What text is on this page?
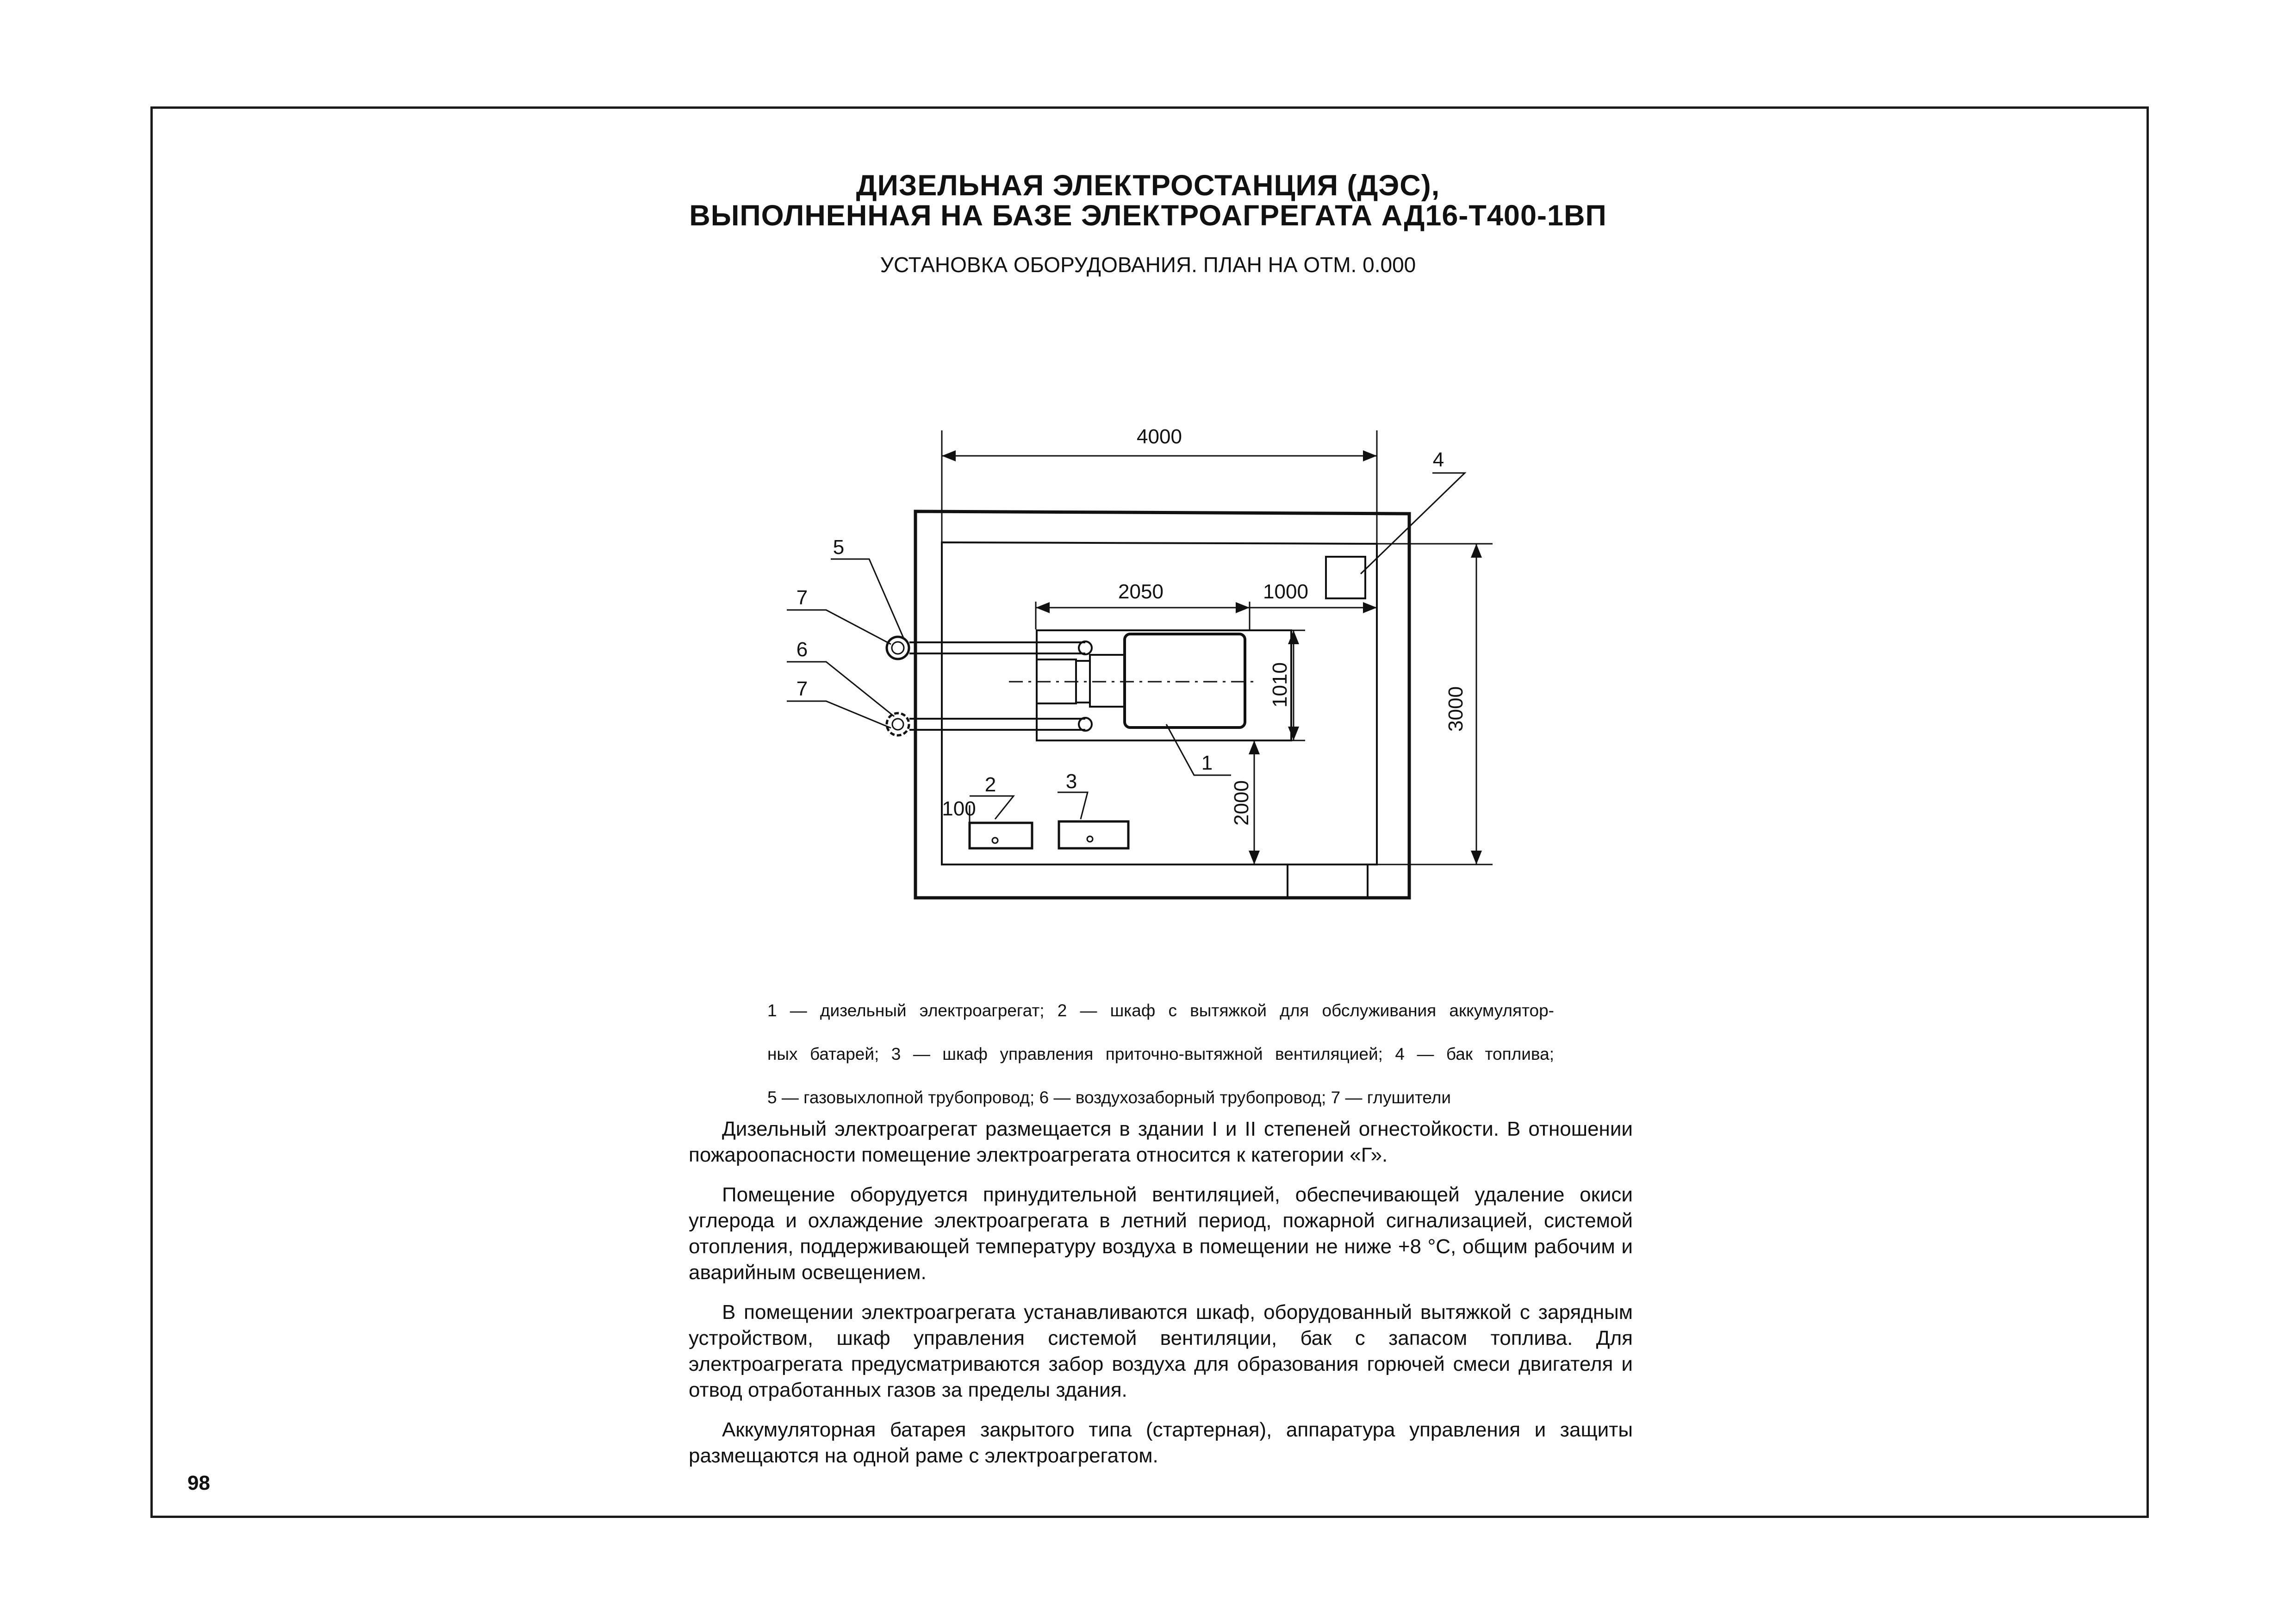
ДИЗЕЛЬНАЯ ЭЛЕКТРОСТАНЦИЯ (ДЭС),
ВЫПОЛНЕННАЯ НА БАЗЕ ЭЛЕКТРОАГРЕГАТА АД16-Т400-1ВП
УСТАНОВКА ОБОРУДОВАНИЯ. ПЛАН НА ОТМ. 0.000
4000
2050	1000
1010
3000
2000
100
1
2	3
4
5
7
6
7
1 — дизельный электроагрегат; 2 — шкаф с вытяжкой для обслуживания аккумулятор-
ных батарей; 3 — шкаф управления приточно-вытяжной вентиляцией; 4 — бак топлива;
5 — газовыхлопной трубопровод; 6 — воздухозаборный трубопровод; 7 — глушители

Дизельный электроагрегат размещается в здании I и II степеней огнестойкости. В отношении пожароопасности помещение электроагрегата относится к категории «Г».

Помещение оборудуется принудительной вентиляцией, обеспечивающей удаление окиси углерода и охлаждение электроагрегата в летний период, пожарной сигнализацией, системой отопления, поддерживающей температуру воздуха в помещении не ниже +8 °С, общим рабочим и аварийным освещением.

В помещении электроагрегата устанавливаются шкаф, оборудованный вытяжкой с зарядным устройством, шкаф управления системой вентиляции, бак с запасом топлива. Для электроагрегата предусматриваются забор воздуха для образования горючей смеси двигателя и отвод отработанных газов за пределы здания.

Аккумуляторная батарея закрытого типа (стартерная), аппаратура управления и защиты размещаются на одной раме с электроагрегатом.

98
